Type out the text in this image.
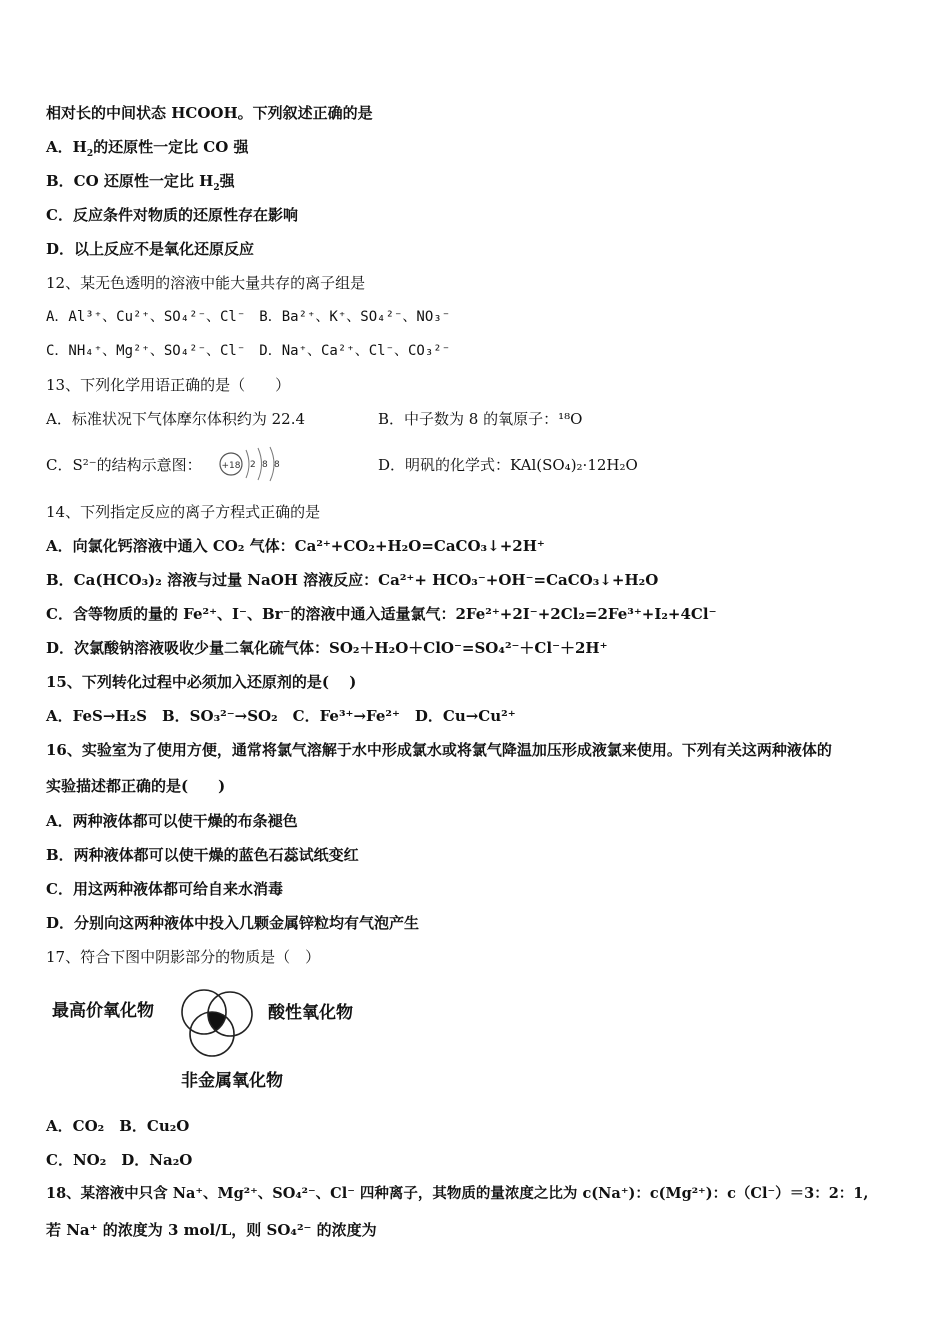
相对长的中间状态 HCOOH。下列叙述正确的是
A．$H_2$的还原性一定比 CO 强
B．CO 还原性一定比 $H_2$强
C．反应条件对物质的还原性存在影响
D．以上反应不是氧化还原反应
12、某无色透明的溶液中能大量共存的离子组是
A．Al³⁺、Cu²⁺、SO₄²⁻、Cl⁻　B．Ba²⁺、K⁺、SO₄²⁻、NO₃⁻
C．NH₄⁺、Mg²⁺、SO₄²⁻、Cl⁻　D．Na⁺、Ca²⁺、Cl⁻、CO₃²⁻
13、下列化学用语正确的是（　　）
A．标准状况下气体摩尔体积约为 22.4	B．中子数为 8 的氧原子：¹⁸O
C．S²⁻的结构示意图： +18 2 8 8	D．明矾的化学式：KAl(SO₄)₂·12H₂O
14、下列指定反应的离子方程式正确的是
A．向氯化钙溶液中通入 CO₂ 气体：Ca²⁺+CO₂+H₂O=CaCO₃↓+2H⁺
B．Ca(HCO₃)₂ 溶液与过量 NaOH 溶液反应：Ca²⁺+ HCO₃⁻+OH⁻=CaCO₃↓+H₂O
C．含等物质的量的 Fe²⁺、I⁻、Br⁻的溶液中通入适量氯气：2Fe²⁺+2I⁻+2Cl₂=2Fe³⁺+I₂+4Cl⁻
D．次氯酸钠溶液吸收少量二氧化硫气体：SO₂＋H₂O＋ClO⁻=SO₄²⁻＋Cl⁻＋2H⁺
15、下列转化过程中必须加入还原剂的是(　 )
A．FeS→H₂S　B．SO₃²⁻→SO₂　C．Fe³⁺→Fe²⁺　D．Cu→Cu²⁺
16、实验室为了使用方便，通常将氯气溶解于水中形成氯水或将氯气降温加压形成液氯来使用。下列有关这两种液体的
实验描述都正确的是(　　)
A．两种液体都可以使干燥的布条褪色
B．两种液体都可以使干燥的蓝色石蕊试纸变红
C．用这两种液体都可给自来水消毒
D．分别向这两种液体中投入几颗金属锌粒均有气泡产生
17、符合下图中阴影部分的物质是（　）
最高价氧化物	酸性氧化物
非金属氧化物
A．CO₂　B．Cu₂O
C．NO₂　D．Na₂O
18、某溶液中只含 Na⁺、Mg²⁺、SO₄²⁻、Cl⁻ 四种离子，其物质的量浓度之比为 c(Na⁺)：c(Mg²⁺)：c（Cl⁻）＝3：2：1,
若 Na⁺ 的浓度为 3 mol/L，则 SO₄²⁻ 的浓度为
